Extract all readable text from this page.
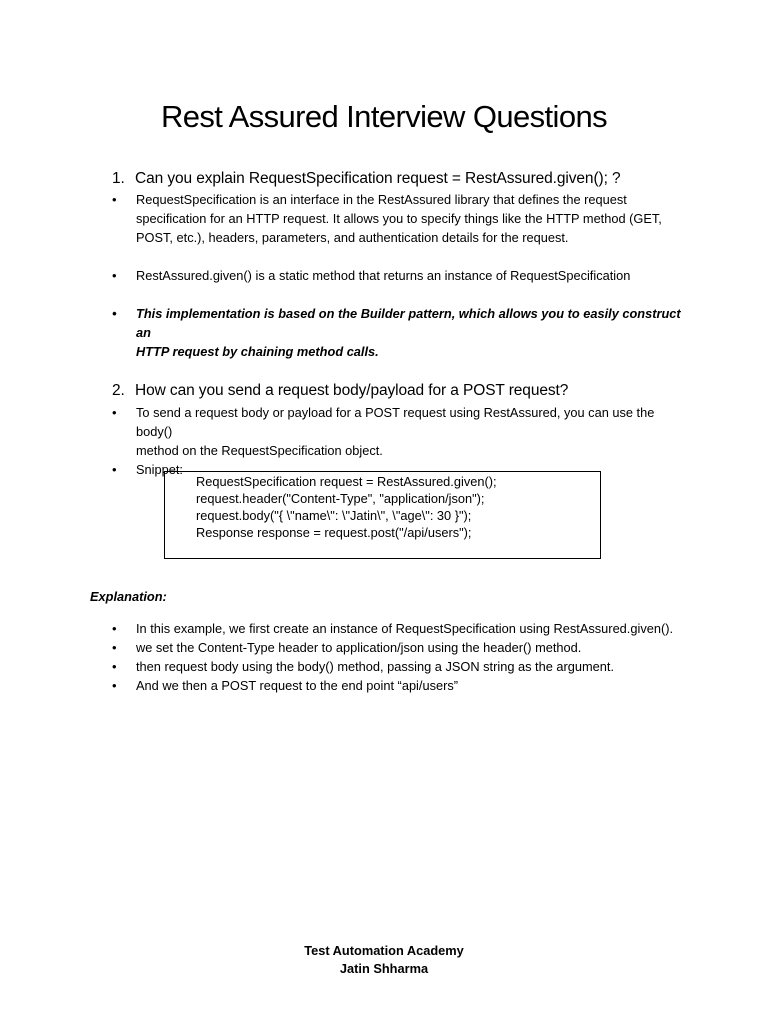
Rest Assured Interview Questions
1. Can you explain RequestSpecification request = RestAssured.given(); ?
• RequestSpecification is an interface in the RestAssured library that defines the request
specification for an HTTP request. It allows you to specify things like the HTTP method (GET,
POST, etc.), headers, parameters, and authentication details for the request.
• RestAssured.given() is a static method that returns an instance of RequestSpecification
• This implementation is based on the Builder pattern, which allows you to easily construct an
HTTP request by chaining method calls.
2. How can you send a request body/payload for a POST request?
• To send a request body or payload for a POST request using RestAssured, you can use the body()
method on the RequestSpecification object.
• Snippet:
RequestSpecification request = RestAssured.given();
request.header("Content-Type", "application/json");
request.body("{ \"name\": \"Jatin\", \"age\": 30 }");
Response response = request.post("/api/users");
Explanation:
• In this example, we first create an instance of RequestSpecification using RestAssured.given().
• we set the Content-Type header to application/json using the header() method.
• then request body using the body() method, passing a JSON string as the argument.
• And we then a POST request to the end point “api/users”
Test Automation Academy
Jatin Shharma
